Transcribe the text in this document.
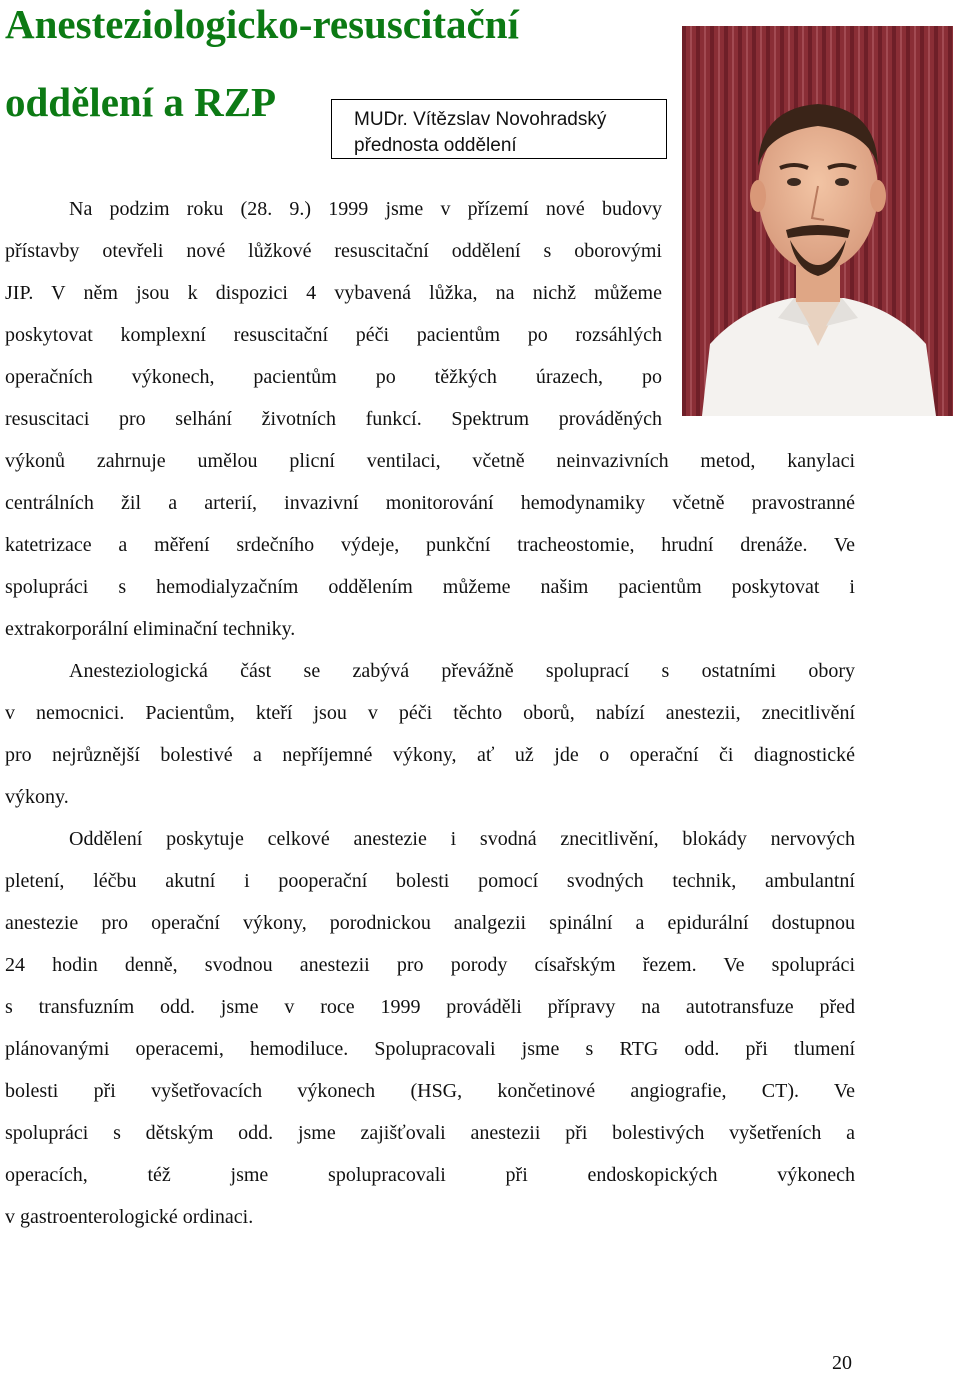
Anesteziologicko-resuscitační
oddělení a RZP	MUDr. Vítězslav Novohradský
přednosta oddělení
Na podzim roku (28. 9.) 1999 jsme v přízemí nové budovy
přístavby otevřeli nové lůžkové resuscitační oddělení s oborovými
JIP. V něm jsou k dispozici 4 vybavená lůžka, na nichž můžeme
poskytovat komplexní resuscitační péči pacientům po rozsáhlých
operačních výkonech, pacientům po těžkých úrazech, po
resuscitaci pro selhání životních funkcí. Spektrum prováděných
výkonů zahrnuje umělou plicní ventilaci, včetně neinvazivních metod, kanylaci
centrálních žil a arterií, invazivní monitorování hemodynamiky včetně pravostranné
katetrizace a měření srdečního výdeje, punkční tracheostomie, hrudní drenáže. Ve
spolupráci s hemodialyzačním oddělením můžeme našim pacientům poskytovat i
extrakorporální eliminační techniky.
Anesteziologická část se zabývá převážně spoluprací s ostatními obory
v nemocnici. Pacientům, kteří jsou v péči těchto oborů, nabízí anestezii, znecitlivění
pro nejrůznější bolestivé a nepříjemné výkony, ať už jde o operační či diagnostické
výkony.
Oddělení poskytuje celkové anestezie i svodná znecitlivění, blokády nervových
pletení, léčbu akutní i pooperační bolesti pomocí svodných technik, ambulantní
anestezie pro operační výkony, porodnickou analgezii spinální a epidurální dostupnou
24 hodin denně, svodnou anestezii pro porody císařským řezem. Ve spolupráci
s transfuzním odd. jsme v roce 1999 prováděli přípravy na autotransfuze před
plánovanými operacemi, hemodiluce. Spolupracovali jsme s RTG odd. při tlumení
bolesti při vyšetřovacích výkonech (HSG, končetinové angiografie, CT). Ve
spolupráci s dětským odd. jsme zajišťovali anestezii při bolestivých vyšetřeních a
operacích, též jsme spolupracovali při endoskopických výkonech
v gastroenterologické ordinaci.
20
